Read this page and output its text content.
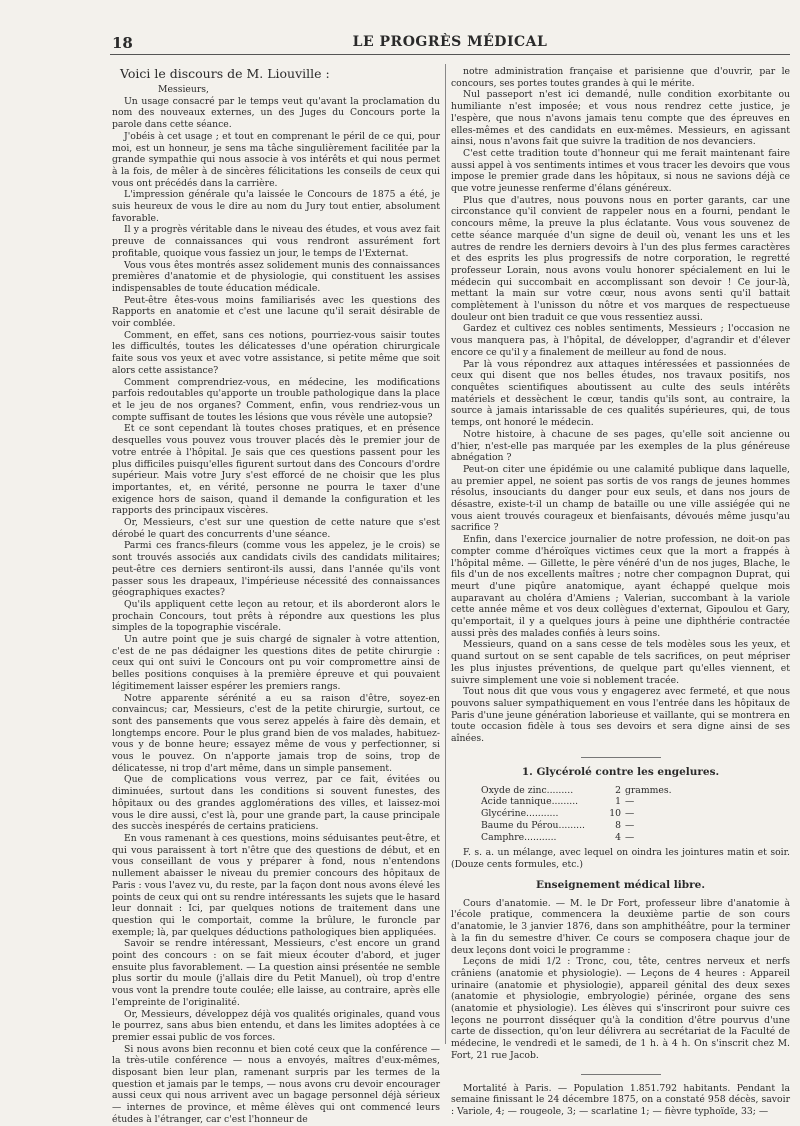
18	LE PROGRÈS MÉDICAL

Voici le discours de M. Liouville :

Messieurs,

Un usage consacré par le temps veut qu'avant la proclamation du nom des nouveaux externes, un des Juges du Concours porte la parole dans cette séance.

J'obéis à cet usage ; et tout en comprenant le péril de ce qui, pour moi, est un honneur, je sens ma tâche singulièrement facilitée par la grande sympathie qui nous associe à vos intérêts et qui nous permet à la fois, de mêler à de sincères félicitations les conseils de ceux qui vous ont précédés dans la carrière.

L'impression générale qu'a laissée le Concours de 1875 a été, je suis heureux de vous le dire au nom du Jury tout entier, absolument favorable.

Il y a progrès véritable dans le niveau des études, et vous avez fait preuve de connaissances qui vous rendront assurément fort profitable, quoique vous fassiez un jour, le temps de l'Externat.

Vous vous êtes montrés assez solidement munis des connaissances premières d'anatomie et de physiologie, qui constituent les assises indispensables de toute éducation médicale.

Peut-être êtes-vous moins familiarisés avec les questions des Rapports en anatomie et c'est une lacune qu'il serait désirable de voir comblée.

Comment, en effet, sans ces notions, pourriez-vous saisir toutes les difficultés, toutes les délicatesses d'une opération chirurgicale faite sous vos yeux et avec votre assistance, si petite même que soit alors cette assistance?

Comment comprendriez-vous, en médecine, les modifications parfois redoutables qu'apporte un trouble pathologique dans la place et le jeu de nos organes? Comment, enfin, vous rendriez-vous un compte suffisant de toutes les lésions que vous révèle une autopsie?

Et ce sont cependant là toutes choses pratiques, et en présence desquelles vous pouvez vous trouver placés dès le premier jour de votre entrée à l'hôpital. Je sais que ces questions passent pour les plus difficiles puisqu'elles figurent surtout dans des Concours d'ordre supérieur. Mais votre Jury s'est efforcé de ne choisir que les plus importantes, et, en vérité, personne ne pourra le taxer d'une exigence hors de saison, quand il demande la configuration et les rapports des principaux viscères.

Or, Messieurs, c'est sur une question de cette nature que s'est dérobé le quart des concurrents d'une séance.

Parmi ces francs-fileurs (comme vous les appelez, je le crois) se sont trouvés associés aux candidats civils des candidats militaires; peut-être ces derniers sentiront-ils aussi, dans l'année qu'ils vont passer sous les drapeaux, l'impérieuse nécessité des connaissances géographiques exactes?

Qu'ils appliquent cette leçon au retour, et ils aborderont alors le prochain Concours, tout prêts à répondre aux questions les plus simples de la topographie viscérale.

Un autre point que je suis chargé de signaler à votre attention, c'est de ne pas dédaigner les questions dites de petite chirurgie : ceux qui ont suivi le Concours ont pu voir compromettre ainsi de belles positions conquises à la première épreuve et qui pouvaient légitimement laisser espérer les premiers rangs.

Notre apparente sérénité a eu sa raison d'être, soyez-en convaincus; car, Messieurs, c'est de la petite chirurgie, surtout, ce sont des pansements que vous serez appelés à faire dès demain, et longtemps encore. Pour le plus grand bien de vos malades, habituez-vous y de bonne heure; essayez même de vous y perfectionner, si vous le pouvez. On n'apporte jamais trop de soins, trop de délicatesse, ni trop d'art même, dans un simple pansement.

Que de complications vous verrez, par ce fait, évitées ou diminuées, surtout dans les conditions si souvent funestes, des hôpitaux ou des grandes agglomérations des villes, et laissez-moi vous le dire aussi, c'est là, pour une grande part, la cause principale des succès inespérés de certains praticiens.

En vous ramenant à ces questions, moins séduisantes peut-être, et qui vous paraissent à tort n'être que des questions de début, et en vous conseillant de vous y préparer à fond, nous n'entendons nullement abaisser le niveau du premier concours des hôpitaux de Paris : vous l'avez vu, du reste, par la façon dont nous avons élevé les points de ceux qui ont su rendre intéressants les sujets que le hasard leur donnait : Ici, par quelques notions de traitement dans une question qui le comportait, comme la brûlure, le furoncle par exemple; là, par quelques déductions pathologiques bien appliquées.

Savoir se rendre intéressant, Messieurs, c'est encore un grand point des concours : on se fait mieux écouter d'abord, et juger ensuite plus favorablement. — La question ainsi présentée ne semble plus sortir du moule (j'allais dire du Petit Manuel), où trop d'entre vous vont la prendre toute coulée; elle laisse, au contraire, après elle l'empreinte de l'originalité.

Or, Messieurs, développez déjà vos qualités originales, quand vous le pourrez, sans abus bien entendu, et dans les limites adoptées à ce premier essai public de vos forces.

Si nous avons bien reconnu et bien coté ceux que la conférence — la très-utile conférence — nous a envoyés, maîtres d'eux-mêmes, disposant bien leur plan, ramenant surpris par les termes de la question et jamais par le temps, — nous avons cru devoir encourager aussi ceux qui nous arrivent avec un bagage personnel déjà sérieux — internes de province, et même élèves qui ont commencé leurs études à l'étranger, car c'est l'honneur de

notre administration française et parisienne que d'ouvrir, par le concours, ses portes toutes grandes à qui le mérite.

Nul passeport n'est ici demandé, nulle condition exorbitante ou humiliante n'est imposée; et vous nous rendrez cette justice, je l'espère, que nous n'avons jamais tenu compte que des épreuves en elles-mêmes et des candidats en eux-mêmes. Messieurs, en agissant ainsi, nous n'avons fait que suivre la tradition de nos devanciers.

C'est cette tradition toute d'honneur qui me ferait maintenant faire aussi appel à vos sentiments intimes et vous tracer les devoirs que vous impose le premier grade dans les hôpitaux, si nous ne savions déjà ce que votre jeunesse renferme d'élans généreux.

Plus que d'autres, nous pouvons nous en porter garants, car une circonstance qu'il convient de rappeler nous en a fourni, pendant le concours même, la preuve la plus éclatante. Vous vous souvenez de cette séance marquée d'un signe de deuil où, venant les uns et les autres de rendre les derniers devoirs à l'un des plus fermes caractères et des esprits les plus progressifs de notre corporation, le regretté professeur Lorain, nous avons voulu honorer spécialement en lui le médecin qui succombait en accomplissant son devoir ! Ce jour-là, mettant la main sur votre cœur, nous avons senti qu'il battait complètement à l'unisson du nôtre et vos marques de respectueuse douleur ont bien traduit ce que vous ressentiez aussi.

Gardez et cultivez ces nobles sentiments, Messieurs ; l'occasion ne vous manquera pas, à l'hôpital, de développer, d'agrandir et d'élever encore ce qu'il y a finalement de meilleur au fond de nous.

Par là vous répondrez aux attaques intéressées et passionnées de ceux qui disent que nos belles études, nos travaux positifs, nos conquêtes scientifiques aboutissent au culte des seuls intérêts matériels et dessèchent le cœur, tandis qu'ils sont, au contraire, la source à jamais intarissable de ces qualités supérieures, qui, de tous temps, ont honoré le médecin.

Notre histoire, à chacune de ses pages, qu'elle soit ancienne ou d'hier, n'est-elle pas marquée par les exemples de la plus généreuse abnégation ?

Peut-on citer une épidémie ou une calamité publique dans laquelle, au premier appel, ne soient pas sortis de vos rangs de jeunes hommes résolus, insouciants du danger pour eux seuls, et dans nos jours de désastre, existe-t-il un champ de bataille ou une ville assiégée qui ne vous aient trouvés courageux et bienfaisants, dévoués même jusqu'au sacrifice ?

Enfin, dans l'exercice journalier de notre profession, ne doit-on pas compter comme d'héroïques victimes ceux que la mort a frappés à l'hôpital même. — Gillette, le père vénéré d'un de nos juges, Blache, le fils d'un de nos excellents maîtres ; notre cher compagnon Duprat, qui meurt d'une piqûre anatomique, ayant échappé quelque mois auparavant au choléra d'Amiens ; Valerian, succombant à la variole cette année même et vos deux collègues d'externat, Gipoulou et Gary, qu'emportait, il y a quelques jours à peine une diphthérie contractée aussi près des malades confiés à leurs soins.

Messieurs, quand on a sans cesse de tels modèles sous les yeux, et quand surtout on se sent capable de tels sacrifices, on peut mépriser les plus injustes préventions, de quelque part qu'elles viennent, et suivre simplement une voie si noblement tracée.

Tout nous dit que vous vous y engagerez avec fermeté, et que nous pouvons saluer sympathiquement en vous l'entrée dans les hôpitaux de Paris d'une jeune génération laborieuse et vaillante, qui se montrera en toute occasion fidèle à tous ses devoirs et sera digne ainsi de ses aînées.

1. Glycérolé contre les engelures.
Oxyde de zinc.........	2	grammes.
Acide tannique.........	1	—
Glycérine...........	10	—
Baume du Pérou.........	8	—
Camphre...........	4	—

F. s. a. un mélange, avec lequel on oindra les jointures matin et soir. (Douze cents formules, etc.)

Enseignement médical libre.

Cours d'anatomie. — M. le Dr Fort, professeur libre d'anatomie à l'école pratique, commencera la deuxième partie de son cours d'anatomie, le 3 janvier 1876, dans son amphithéâtre, pour la terminer à la fin du semestre d'hiver. Ce cours se composera chaque jour de deux leçons dont voici le programme :

Leçons de midi 1/2 : Tronc, cou, tête, centres nerveux et nerfs crâniens (anatomie et physiologie). — Leçons de 4 heures : Appareil urinaire (anatomie et physiologie), appareil génital des deux sexes (anatomie et physiologie, embryologie) périnée, organe des sens (anatomie et physiologie). Les élèves qui s'inscriront pour suivre ces leçons ne pourront disséquer qu'à la condition d'être pourvus d'une carte de dissection, qu'on leur délivrera au secrétariat de la Faculté de médecine, le vendredi et le samedi, de 1 h. à 4 h. On s'inscrit chez M. Fort, 21 rue Jacob.

Mortalité à Paris. — Population 1.851.792 habitants. Pendant la semaine finissant le 24 décembre 1875, on a constaté 958 décès, savoir : Variole, 4; — rougeole, 3; — scarlatine 1; — fièvre typhoïde, 33; —
